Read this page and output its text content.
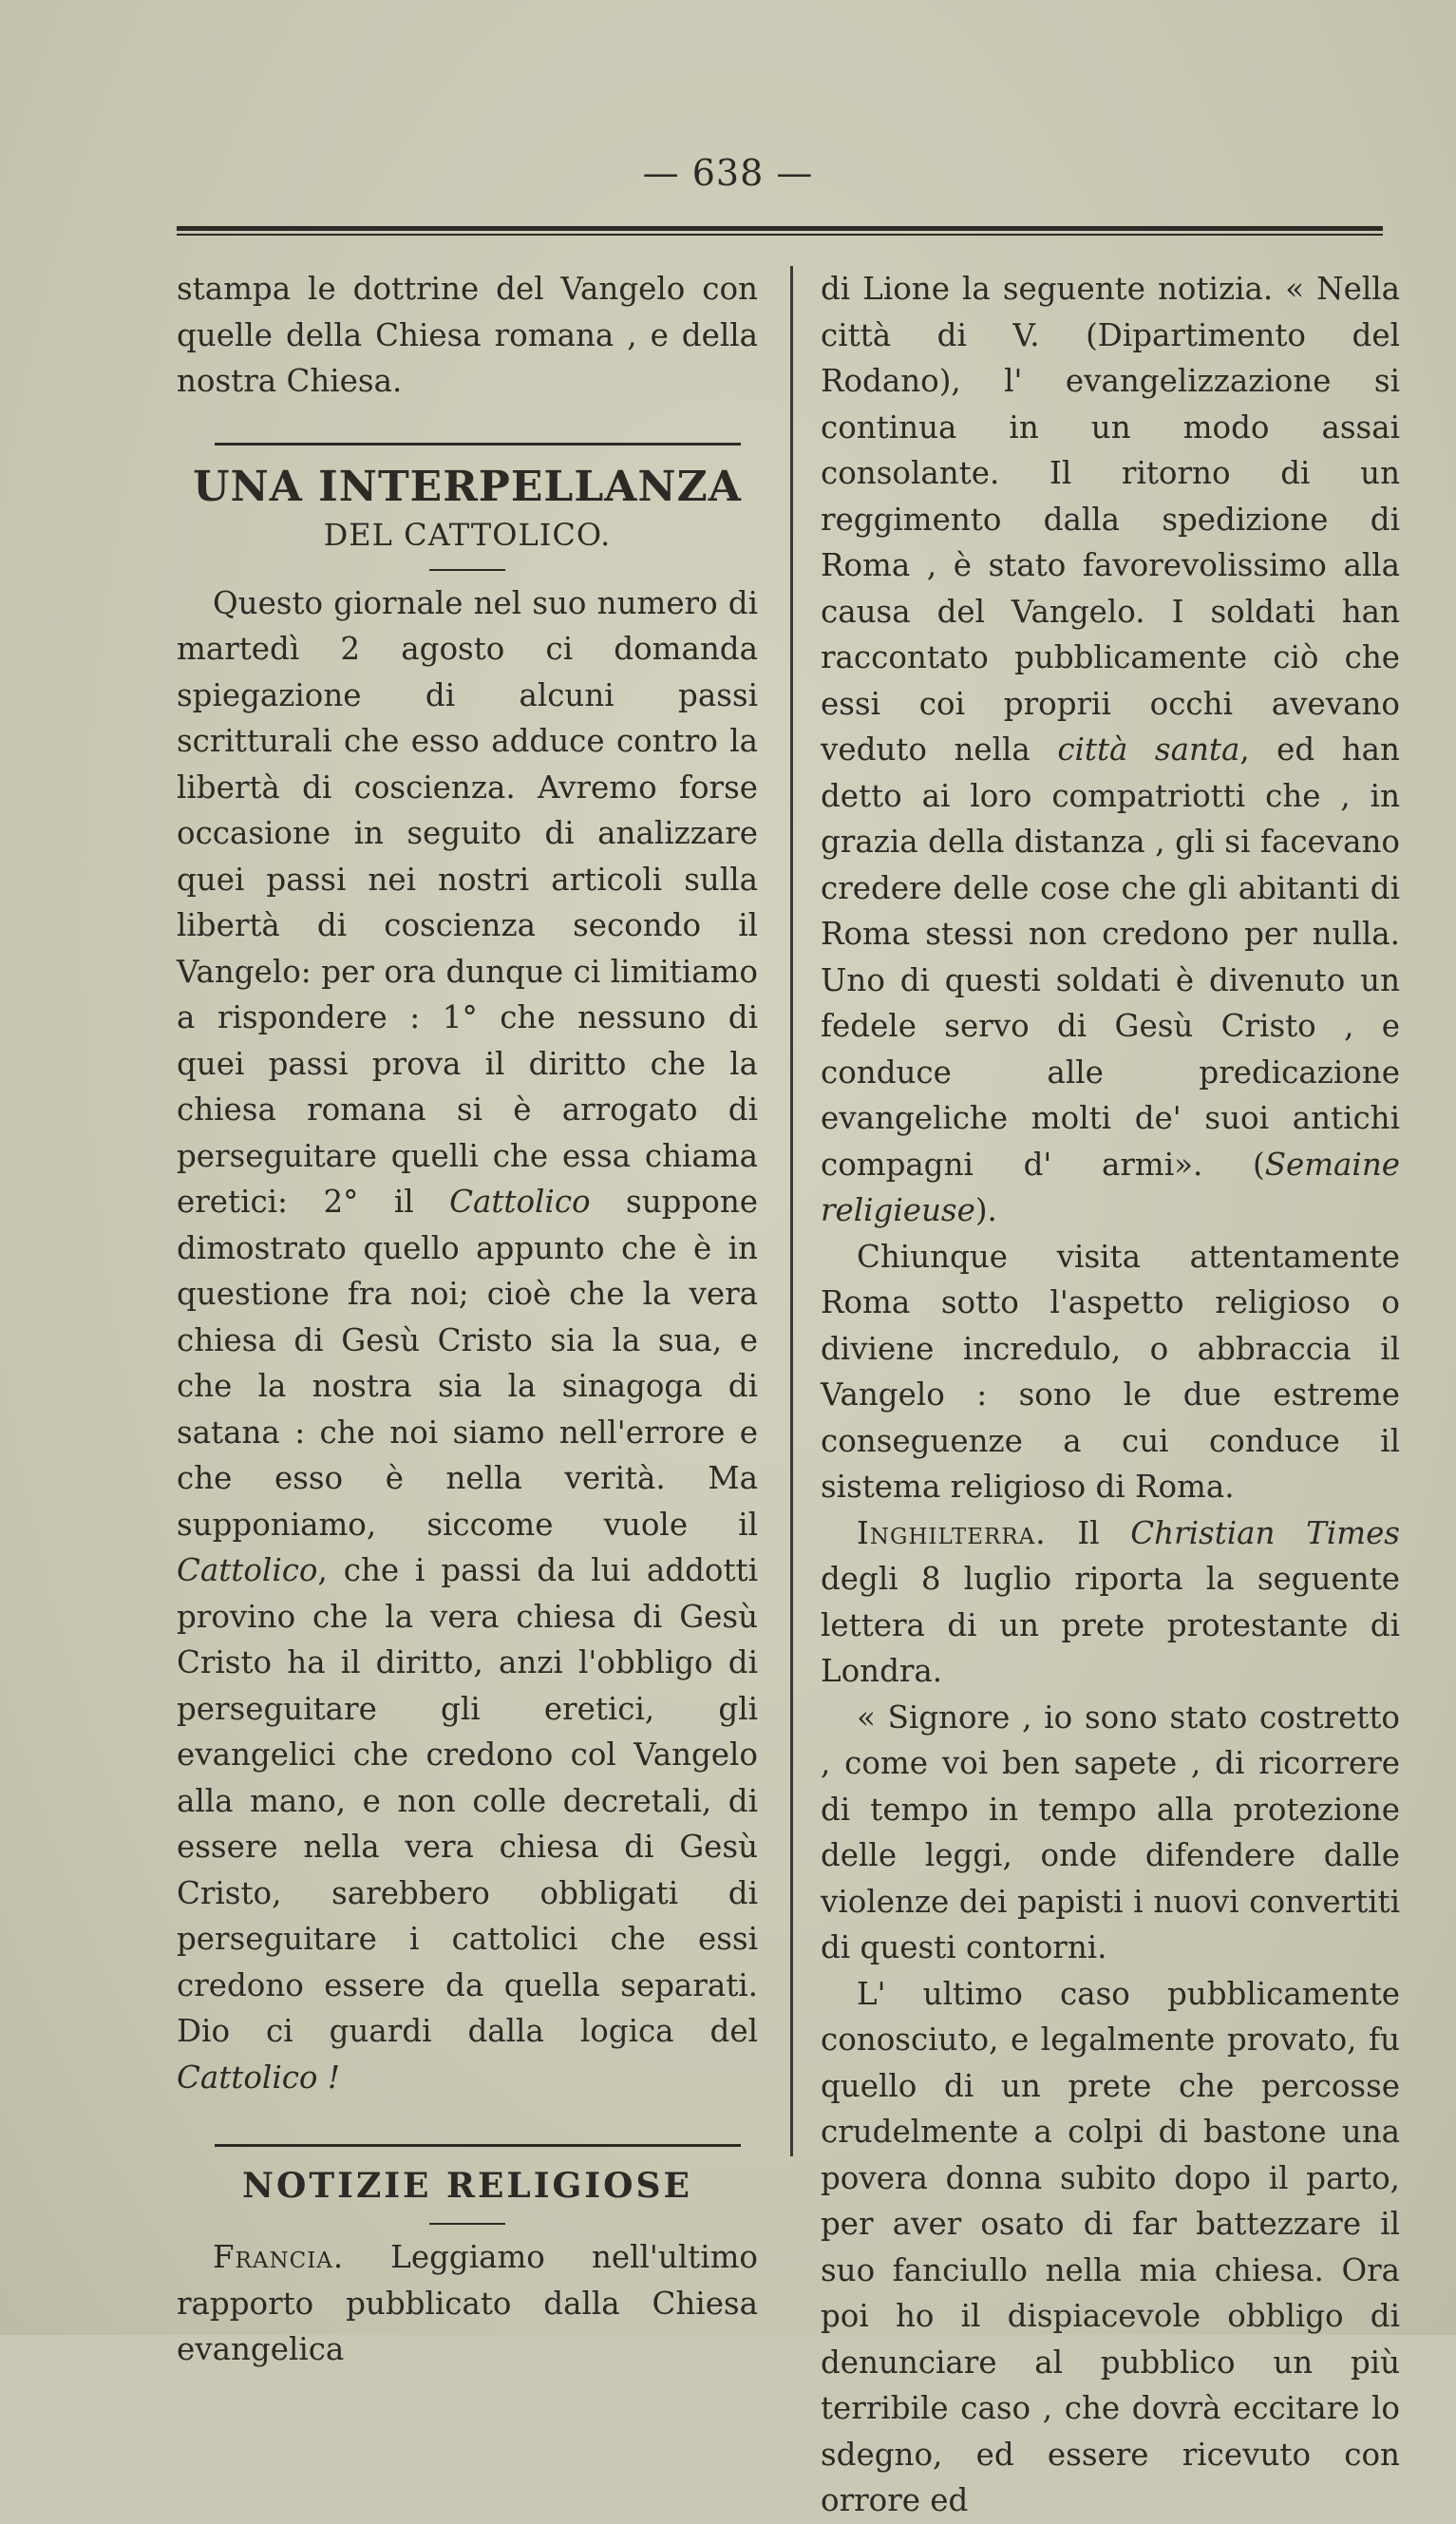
— 638 —

stampa le dottrine del Vangelo con quelle della Chiesa romana , e della nostra Chiesa.

UNA INTERPELLANZA
DEL CATTOLICO.

Questo giornale nel suo numero di martedì 2 agosto ci domanda spiegazione di alcuni passi scritturali che esso adduce contro la libertà di coscienza. Avremo forse occasione in seguito di analizzare quei passi nei nostri articoli sulla libertà di coscienza secondo il Vangelo: per ora dunque ci limitiamo a rispondere : 1° che nessuno di quei passi prova il diritto che la chiesa romana si è arrogato di perseguitare quelli che essa chiama eretici: 2° il Cattolico suppone dimostrato quello appunto che è in questione fra noi; cioè che la vera chiesa di Gesù Cristo sia la sua, e che la nostra sia la sinagoga di satana : che noi siamo nell'errore e che esso è nella verità. Ma supponiamo, siccome vuole il Cattolico, che i passi da lui addotti provino che la vera chiesa di Gesù Cristo ha il diritto, anzi l'obbligo di perseguitare gli eretici, gli evangelici che credono col Vangelo alla mano, e non colle decretali, di essere nella vera chiesa di Gesù Cristo, sarebbero obbligati di perseguitare i cattolici che essi credono essere da quella separati. Dio ci guardi dalla logica del Cattolico !

NOTIZIE RELIGIOSE

Francia. Leggiamo nell'ultimo rapporto pubblicato dalla Chiesa evangelica

di Lione la seguente notizia. « Nella città di V. (Dipartimento del Rodano), l' evangelizzazione si continua in un modo assai consolante. Il ritorno di un reggimento dalla spedizione di Roma , è stato favorevolissimo alla causa del Vangelo. I soldati han raccontato pubblicamente ciò che essi coi proprii occhi avevano veduto nella città santa, ed han detto ai loro compatriotti che , in grazia della distanza , gli si facevano credere delle cose che gli abitanti di Roma stessi non credono per nulla. Uno di questi soldati è divenuto un fedele servo di Gesù Cristo , e conduce alle predicazione evangeliche molti de' suoi antichi compagni d' armi». (Semaine religieuse).

Chiunque visita attentamente Roma sotto l'aspetto religioso o diviene incredulo, o abbraccia il Vangelo : sono le due estreme conseguenze a cui conduce il sistema religioso di Roma.

Inghilterra. Il Christian Times degli 8 luglio riporta la seguente lettera di un prete protestante di Londra.

« Signore , io sono stato costretto , come voi ben sapete , di ricorrere di tempo in tempo alla protezione delle leggi, onde difendere dalle violenze dei papisti i nuovi convertiti di questi contorni.

L' ultimo caso pubblicamente conosciuto, e legalmente provato, fu quello di un prete che percosse crudelmente a colpi di bastone una povera donna subito dopo il parto, per aver osato di far battezzare il suo fanciullo nella mia chiesa. Ora poi ho il dispiacevole obbligo di denunciare al pubblico un più terribile caso , che dovrà eccitare lo sdegno, ed essere ricevuto con orrore ed
